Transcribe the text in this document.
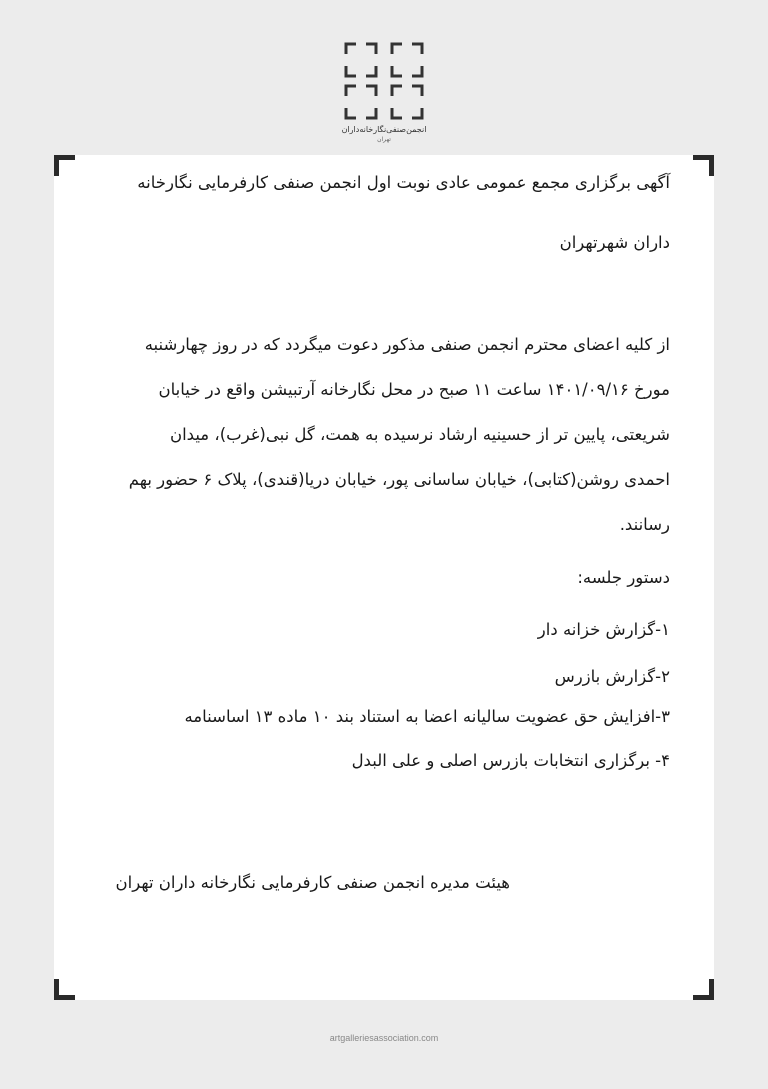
انجمن‌صنفی‌نگارخانه‌داران
تهران
آگهی برگزاری مجمع عمومی عادی نوبت اول انجمن صنفی کارفرمایی نگارخانه
داران شهرتهران
از کلیه اعضای محترم انجمن صنفی مذکور دعوت میگردد که در روز چهارشنبه
مورخ ۱۴۰۱/۰۹/۱۶ ساعت ۱۱ صبح در محل نگارخانه آرتبیشن واقع در خیابان
شریعتی، پایین تر از حسینیه ارشاد نرسیده به همت، گل نبی(غرب)، میدان
احمدی روشن(کتابی)، خیابان ساسانی پور، خیابان دریا(قندی)، پلاک ۶ حضور بهم
رسانند.
دستور جلسه:
۱-گزارش خزانه دار
۲-گزارش بازرس
۳-افزایش حق عضویت سالیانه اعضا به استناد بند ۱۰ ماده ۱۳ اساسنامه
۴- برگزاری انتخابات بازرس اصلی و علی البدل
هیئت مدیره انجمن صنفی کارفرمایی نگارخانه داران تهران
artgalleriesassociation.com
